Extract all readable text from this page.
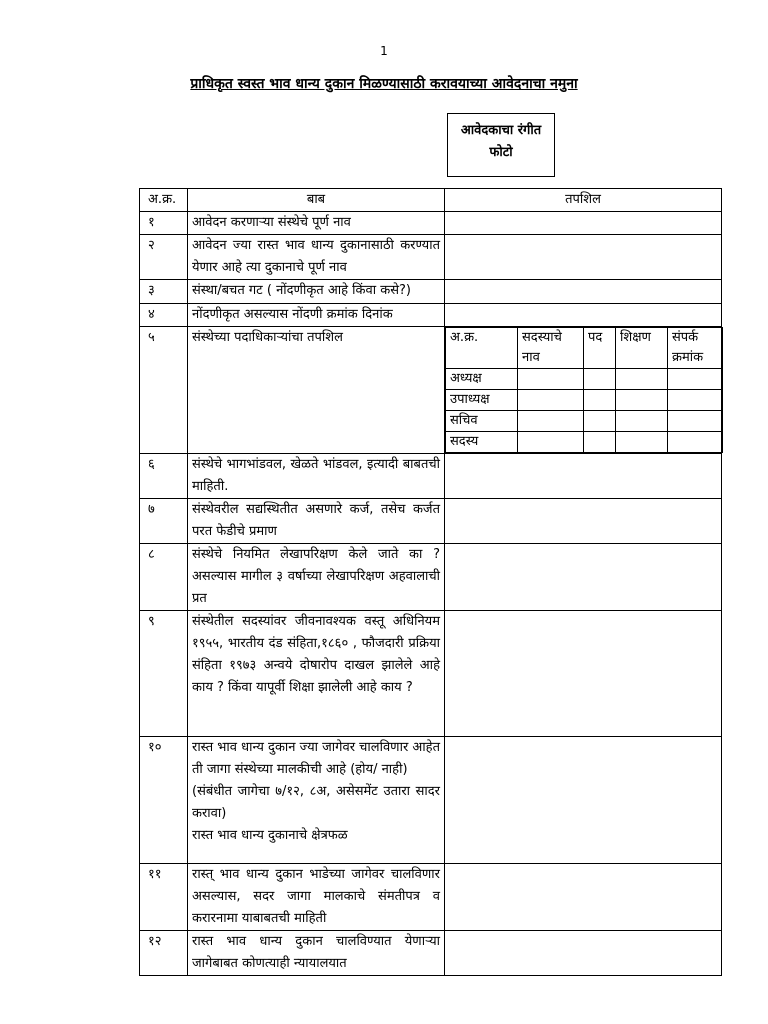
1
प्राधिकृत स्वस्त भाव धान्य दुकान मिळण्यासाठी करावयाच्या आवेदनाचा नमुना
आवेदकाचा रंगीत
फोटो
अ.क्र.	बाब	तपशिल
१	आवेदन करणाऱ्या संस्थेचे पूर्ण नाव	
२	आवेदन ज्या रास्त भाव धान्य दुकानासाठी करण्यात येणार आहे त्या दुकानाचे पूर्ण नाव	
३	संस्था/बचत गट ( नोंदणीकृत आहे किंवा कसे?)	
४	नोंदणीकृत असल्यास नोंदणी क्रमांक दिनांक	
५	संस्थेच्या पदाधिकाऱ्यांचा तपशिल		अ.क्र.	सदस्याचे नाव	पद	शिक्षण	संपर्क क्रमांक
अध्यक्ष				
उपाध्यक्ष				
सचिव				
सदस्य				

६	संस्थेचे भागभांडवल, खेळते भांडवल, इत्यादी बाबतची माहिती.	
७	संस्थेवरील सद्यस्थितीत असणारे कर्ज, तसेच कर्जत परत फेडीचे प्रमाण	
८	संस्थेचे नियमित लेखापरिक्षण केले जाते का ? असल्यास मागील ३ वर्षाच्या लेखापरिक्षण अहवालाची प्रत	
९	संस्थेतील सदस्यांवर जीवनावश्यक वस्तू अधिनियम १९५५, भारतीय दंड संहिता,१८६० , फौजदारी प्रक्रिया संहिता १९७३ अन्वये दोषारोप दाखल झालेले आहे काय ? किंवा यापूर्वी शिक्षा झालेली आहे काय ?	
१०	रास्त भाव धान्य दुकान ज्या जागेवर चालविणार आहेत ती जागा संस्थेच्या मालकीची आहे (होय/ नाही)
(संबंधीत जागेचा ७/१२, ८अ, असेसमेंट उतारा सादर करावा)
रास्त भाव धान्य दुकानाचे क्षेत्रफळ

११	रास्त् भाव धान्य दुकान भाडेच्या जागेवर चालविणार असल्यास, सदर जागा मालकाचे संमतीपत्र व करारनामा याबाबतची माहिती	
१२	रास्त भाव धान्य दुकान चालविण्यात येणाऱ्या जागेबाबत कोणत्याही न्यायालयात	
